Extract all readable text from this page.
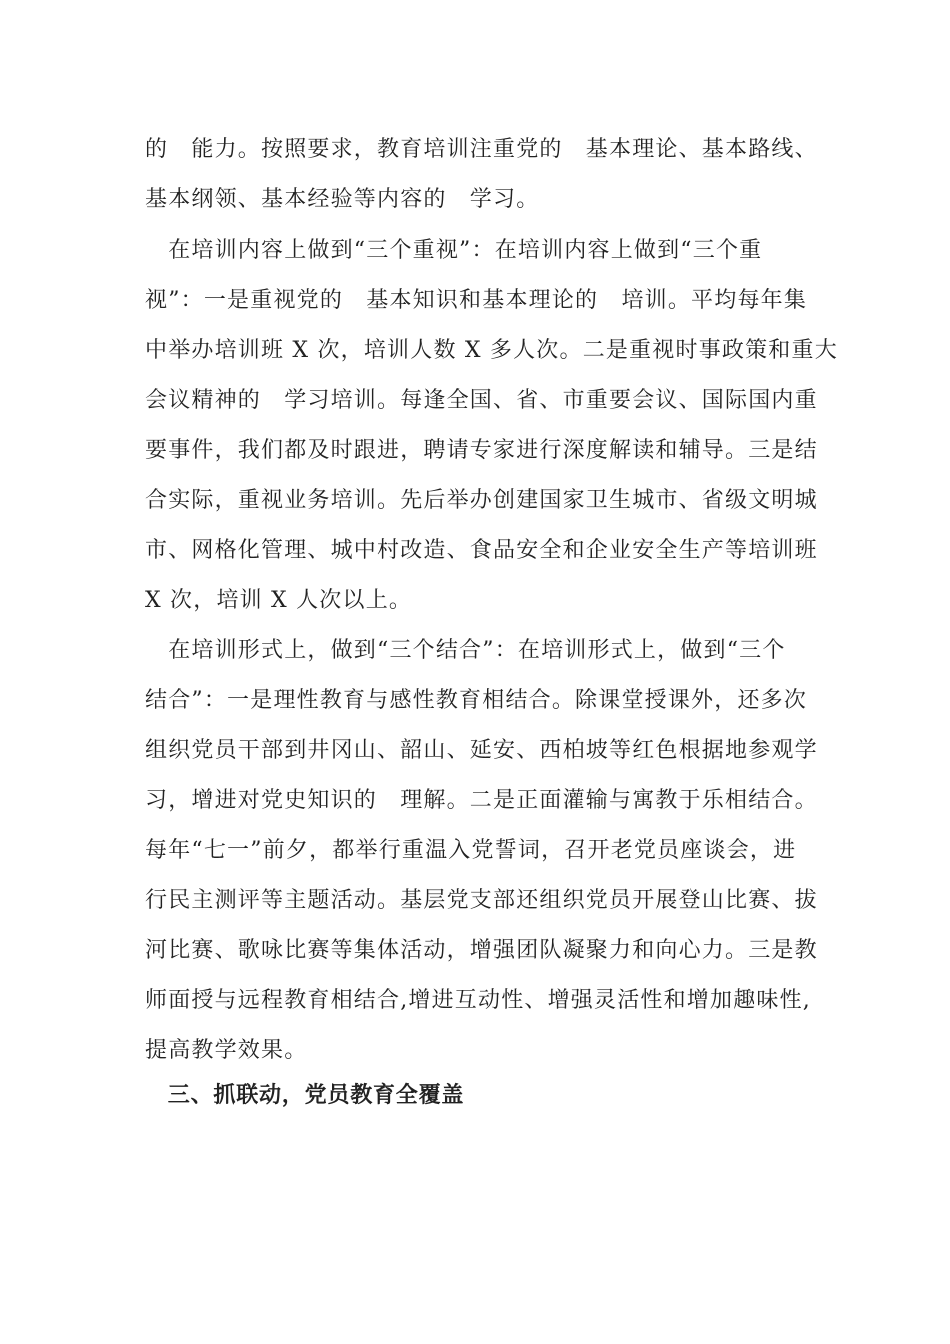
的　能力。按照要求，教育培训注重党的　基本理论、基本路线、
基本纲领、基本经验等内容的　学习。
　在培训内容上做到“三个重视”：在培训内容上做到“三个重
视”：一是重视党的　基本知识和基本理论的　培训。平均每年集
中举办培训班 X 次，培训人数 X 多人次。二是重视时事政策和重大
会议精神的　学习培训。每逢全国、省、市重要会议、国际国内重
要事件，我们都及时跟进，聘请专家进行深度解读和辅导。三是结
合实际，重视业务培训。先后举办创建国家卫生城市、省级文明城
市、网格化管理、城中村改造、食品安全和企业安全生产等培训班
X 次，培训 X 人次以上。
　在培训形式上，做到“三个结合”：在培训形式上，做到“三个
结合”：一是理性教育与感性教育相结合。除课堂授课外，还多次
组织党员干部到井冈山、韶山、延安、西柏坡等红色根据地参观学
习，增进对党史知识的　理解。二是正面灌输与寓教于乐相结合。
每年“七一”前夕，都举行重温入党誓词，召开老党员座谈会，进
行民主测评等主题活动。基层党支部还组织党员开展登山比赛、拔
河比赛、歌咏比赛等集体活动，增强团队凝聚力和向心力。三是教
师面授与远程教育相结合,增进互动性、增强灵活性和增加趣味性,
提高教学效果。
　三、抓联动，党员教育全覆盖
